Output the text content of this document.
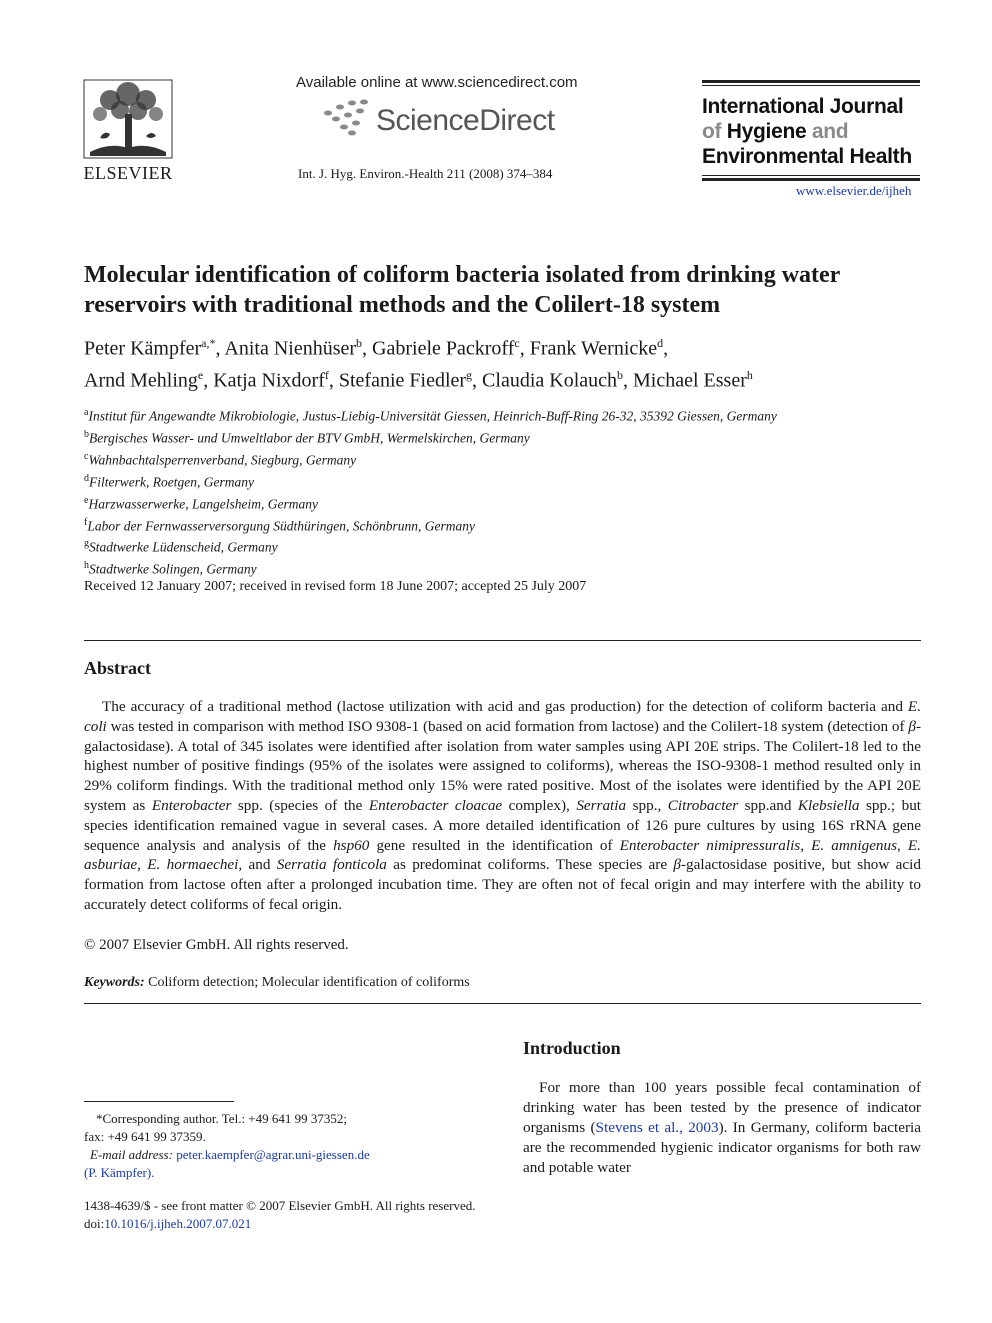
ELSEVIER
Available online at www.sciencedirect.com
ScienceDirect
Int. J. Hyg. Environ.-Health 211 (2008) 374–384
International Journal
of Hygiene and
Environmental Health
www.elsevier.de/ijheh
Molecular identification of coliform bacteria isolated from drinking water reservoirs with traditional methods and the Colilert-18 system
Peter Kämpfer$^{a,*}$, Anita Nienhüser$^b$, Gabriele Packroff$^c$, Frank Wernicke$^d$,
Arnd Mehling$^e$, Katja Nixdorf$^f$, Stefanie Fiedler$^g$, Claudia Kolauch$^b$, Michael Esser$^h$
$^a$Institut für Angewandte Mikrobiologie, Justus-Liebig-Universität Giessen, Heinrich-Buff-Ring 26-32, 35392 Giessen, Germany
$^b$Bergisches Wasser- und Umweltlabor der BTV GmbH, Wermelskirchen, Germany
$^c$Wahnbachtalsperrenverband, Siegburg, Germany
$^d$Filterwerk, Roetgen, Germany
$^e$Harzwasserwerke, Langelsheim, Germany
$^f$Labor der Fernwasserversorgung Südthüringen, Schönbrunn, Germany
$^g$Stadtwerke Lüdenscheid, Germany
$^h$Stadtwerke Solingen, Germany
Received 12 January 2007; received in revised form 18 June 2007; accepted 25 July 2007
Abstract
The accuracy of a traditional method (lactose utilization with acid and gas production) for the detection of coliform bacteria and E. coli was tested in comparison with method ISO 9308-1 (based on acid formation from lactose) and the Colilert-18 system (detection of β-galactosidase). A total of 345 isolates were identified after isolation from water samples using API 20E strips. The Colilert-18 led to the highest number of positive findings (95% of the isolates were assigned to coliforms), whereas the ISO-9308-1 method resulted only in 29% coliform findings. With the traditional method only 15% were rated positive. Most of the isolates were identified by the API 20E system as Enterobacter spp. (species of the Enterobacter cloacae complex), Serratia spp., Citrobacter spp.and Klebsiella spp.; but species identification remained vague in several cases. A more detailed identification of 126 pure cultures by using 16S rRNA gene sequence analysis and analysis of the hsp60 gene resulted in the identification of Enterobacter nimipressuralis, E. amnigenus, E. asburiae, E. hormaechei, and Serratia fonticola as predominat coliforms. These species are β-galactosidase positive, but show acid formation from lactose often after a prolonged incubation time. They are often not of fecal origin and may interfere with the ability to accurately detect coliforms of fecal origin.
© 2007 Elsevier GmbH. All rights reserved.
Keywords: Coliform detection; Molecular identification of coliforms
Introduction
For more than 100 years possible fecal contamination of drinking water has been tested by the presence of indicator organisms (Stevens et al., 2003). In Germany, coliform bacteria are the recommended hygienic indicator organisms for both raw and potable water
*Corresponding author. Tel.: +49 641 99 37352;
fax: +49 641 99 37359.
E-mail address: peter.kaempfer@agrar.uni-giessen.de
(P. Kämpfer).
1438-4639/$ - see front matter © 2007 Elsevier GmbH. All rights reserved.
doi:10.1016/j.ijheh.2007.07.021
